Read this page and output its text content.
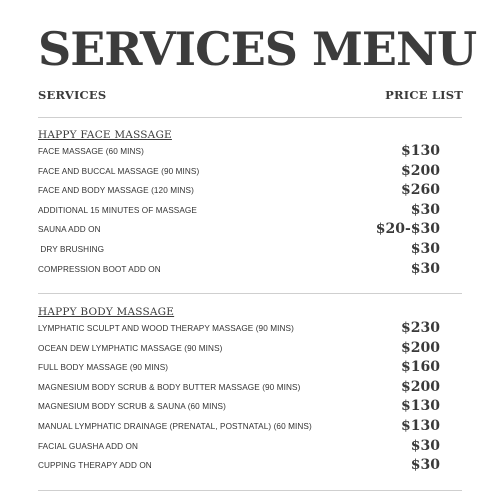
SERVICES MENU
SERVICES	PRICE LIST
HAPPY FACE MASSAGE
FACE MASSAGE (60 MINS)	$130
FACE AND BUCCAL MASSAGE (90 MINS)	$200
FACE AND BODY MASSAGE (120 MINS)	$260
ADDITIONAL 15 MINUTES OF MASSAGE	$30
SAUNA ADD ON	$20-$30
DRY BRUSHING	$30
COMPRESSION BOOT ADD ON	$30
HAPPY BODY MASSAGE
LYMPHATIC SCULPT AND WOOD THERAPY MASSAGE (90 MINS)	$230
OCEAN DEW LYMPHATIC MASSAGE (90 MINS)	$200
FULL BODY MASSAGE (90 MINS)	$160
MAGNESIUM BODY SCRUB & BODY BUTTER MASSAGE (90 MINS)	$200
MAGNESIUM BODY SCRUB & SAUNA (60 MINS)	$130
MANUAL LYMPHATIC DRAINAGE (PRENATAL, POSTNATAL) (60 MINS)	$130
FACIAL GUASHA ADD ON	$30
CUPPING THERAPY ADD ON	$30
